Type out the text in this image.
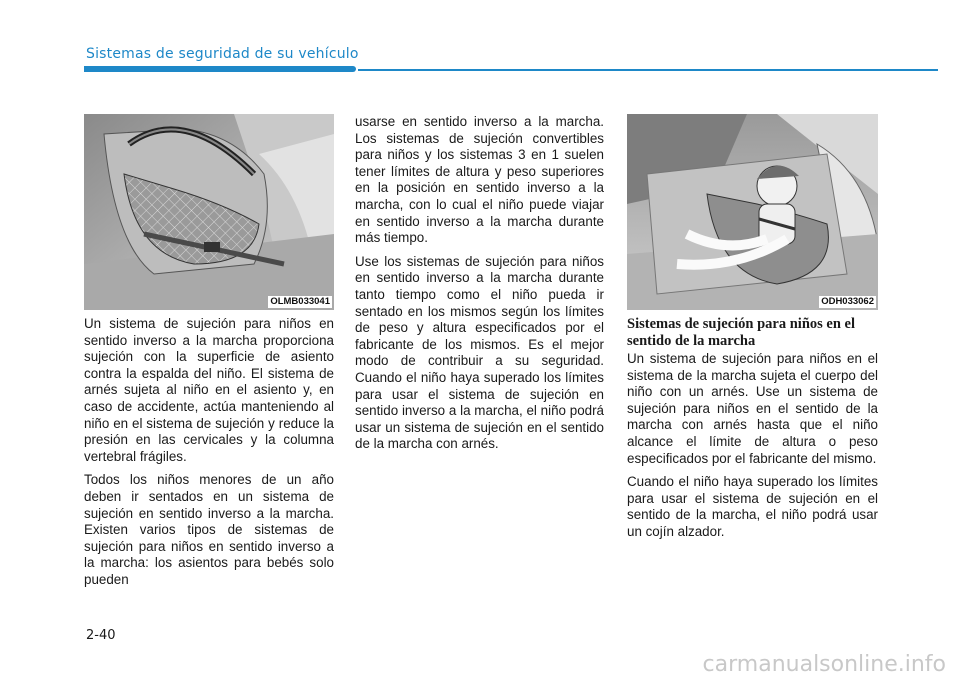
Sistemas de seguridad de su vehículo
OLMB033041	ODH033062

Un sistema de sujeción para niños en sentido inverso a la marcha proporciona sujeción con la superficie de asiento contra la espalda del niño. El sistema de arnés sujeta al niño en el asiento y, en caso de accidente, actúa manteniendo al niño en el sistema de sujeción y reduce la presión en las cervicales y la columna vertebral frágiles.

Todos los niños menores de un año deben ir sentados en un sistema de sujeción en sentido inverso a la marcha. Existen varios tipos de sistemas de sujeción para niños en sentido inverso a la marcha: los asientos para bebés solo pueden

usarse en sentido inverso a la marcha. Los sistemas de sujeción convertibles para niños y los sistemas 3 en 1 suelen tener límites de altura y peso superiores en la posición en sentido inverso a la marcha, con lo cual el niño puede viajar en sentido inverso a la marcha durante más tiempo.

Use los sistemas de sujeción para niños en sentido inverso a la marcha durante tanto tiempo como el niño pueda ir sentado en los mismos según los límites de peso y altura especificados por el fabricante de los mismos. Es el mejor modo de contribuir a su seguridad. Cuando el niño haya superado los límites para usar el sistema de sujeción en sentido inverso a la marcha, el niño podrá usar un sistema de sujeción en el sentido de la marcha con arnés.

Sistemas de sujeción para niños en el sentido de la marcha

Un sistema de sujeción para niños en el sistema de la marcha sujeta el cuerpo del niño con un arnés. Use un sistema de sujeción para niños en el sentido de la marcha con arnés hasta que el niño alcance el límite de altura o peso especificados por el fabricante del mismo.

Cuando el niño haya superado los límites para usar el sistema de sujeción en el sentido de la marcha, el niño podrá usar un cojín alzador.

2-40
carmanualsonline.info
